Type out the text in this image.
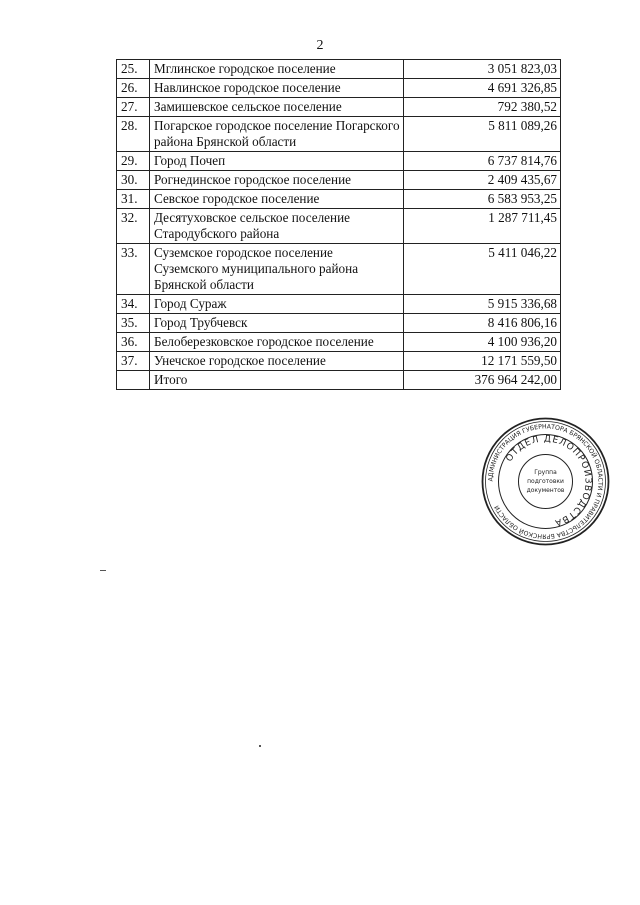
2
25.	Мглинское городское поселение	3 051 823,03
26.	Навлинское городское поселение	4 691 326,85
27.	Замишевское сельское поселение	792 380,52
28.	Погарское городское поселение Погарского района Брянской области	5 811 089,26
29.	Город Почеп	6 737 814,76
30.	Рогнединское городское поселение	2 409 435,67
31.	Севское городское поселение	6 583 953,25
32.	Десятуховское сельское поселение Стародубского района	1 287 711,45
33.	Суземское городское поселение Суземского муниципального района Брянской области	5 411 046,22
34.	Город Сураж	5 915 336,68
35.	Город Трубчевск	8 416 806,16
36.	Белоберезковское городское поселение	4 100 936,20
37.	Унечское городское поселение	12 171 559,50
	Итого	376 964 242,00
АДМИНИСТРАЦИЯ ГУБЕРНАТОРА БРЯНСКОЙ ОБЛАСТИ И ПРАВИТЕЛЬСТВА БРЯНСКОЙ ОБЛАСТИ
ОТДЕЛ ДЕЛОПРОИЗВОДСТВА
Группа
подготовки
документов
